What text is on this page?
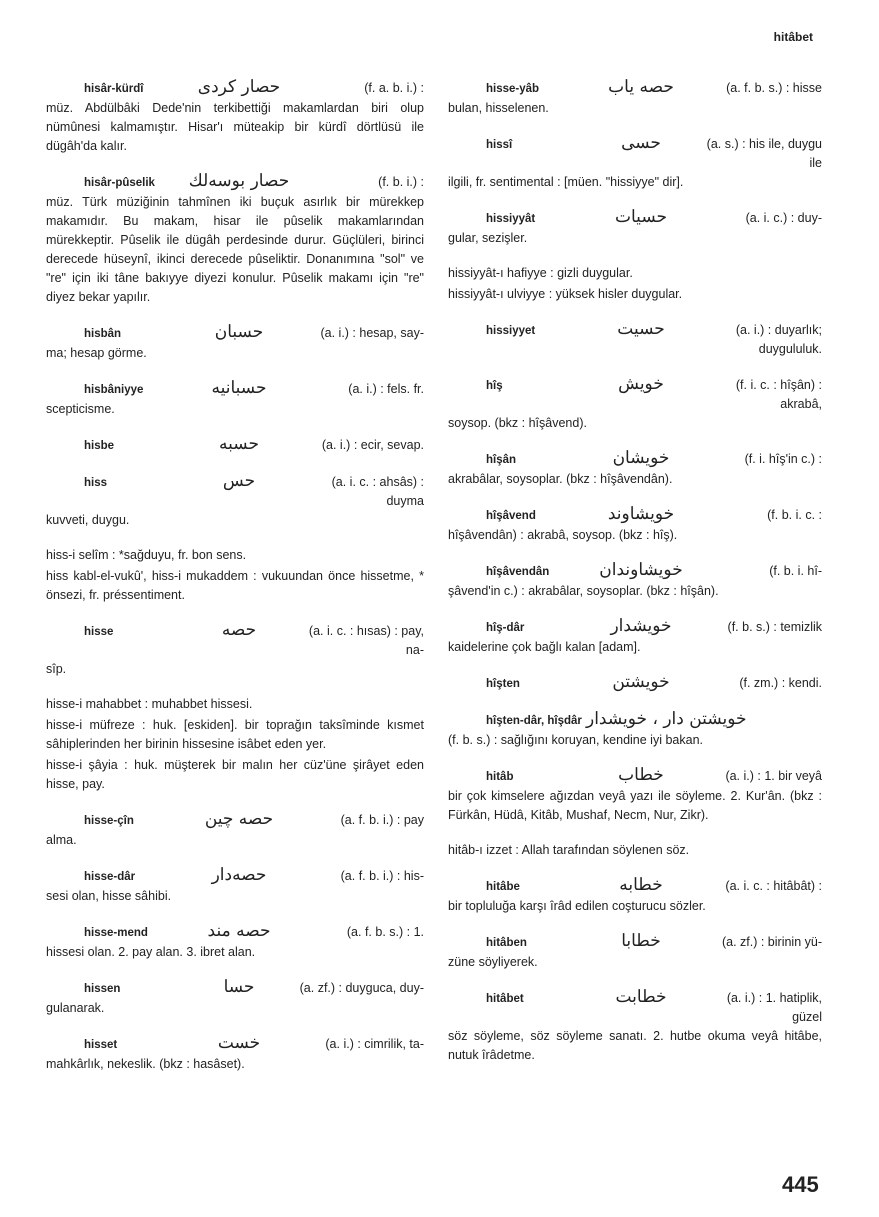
hitâbet
hisâr-kürdî	حصار کردی	(f. a. b. i.) :
müz. Abdülbâki Dede'nin terkibettiği makamlardan biri olup nümûnesi kalmamıştır. Hisar'ı müteakip bir kürdî dörtlüsü ile dügâh'da kalır.
hisâr-pûselik	حصار بوسه‌لك	(f. b. i.) :
müz. Türk müziğinin tahmînen iki buçuk asırlık bir mürekkep makamıdır. Bu makam, hisar ile pûselik makamlarından mürekkeptir. Pûselik ile dügâh perdesinde durur. Güçlüleri, birinci derecede hüseynî, ikinci derecede pûseliktir. Donanımına "sol" ve "re" için iki tâne bakıyye diyezi konulur. Pûselik makamı için "re" diyez bekar yapılır.
hisbân	حسبان	(a. i.) : hesap, say-
ma; hesap görme.
hisbâniyye	حسبانیه	(a. i.) : fels. fr.
scepticisme.
hisbe	حسبه	(a. i.) : ecir, sevap.
hiss	حس	(a. i. c. : ahsâs) : duyma
kuvveti, duygu.
hiss-i selîm : *sağduyu, fr. bon sens.
hiss kabl-el-vukû', hiss-i mukaddem : vukuundan önce hissetme, * önsezi, fr. préssentiment.
hisse	حصه	(a. i. c. : hısas) : pay, na-
sîp.
hisse-i mahabbet : muhabbet hissesi.
hisse-i müfreze : huk. [eskiden]. bir toprağın taksîminde kısmet sâhiplerinden her birinin hissesine isâbet eden yer.
hisse-i şâyia : huk. müşterek bir malın her cüz'üne şirâyet eden hisse, pay.
hisse-çîn	حصه چین	(a. f. b. i.) : pay
alma.
hisse-dâr	حصه‌دار	(a. f. b. i.) : his-
sesi olan, hisse sâhibi.
hisse-mend	حصه مند	(a. f. b. s.) : 1.
hissesi olan. 2. pay alan. 3. ibret alan.
hissen	حسا	(a. zf.) : duyguca, duy-
gulanarak.
hisset	خست	(a. i.) : cimrilik, ta-
mahkârlık, nekeslik. (bkz : hasâset).
hisse-yâb	حصه یاب	(a. f. b. s.) : hisse
bulan, hisselenen.
hissî	حسی	(a. s.) : his ile, duygu ile
ilgili, fr. sentimental : [müen. "hissiyye" dir].
hissiyyât	حسیات	(a. i. c.) : duy-
gular, sezişler.
hissiyyât-ı hafiyye : gizli duygular.
hissiyyât-ı ulviyye : yüksek hisler duygular.
hissiyyet	حسیت	(a. i.) : duyarlık; duygululuk.
hîş	خویش	(f. i. c. : hîşân) : akrabâ,
soysop. (bkz : hîşâvend).
hîşân	خویشان	(f. i. hîş'in c.) :
akrabâlar, soysoplar. (bkz : hîşâvendân).
hîşâvend	خویشاوند	(f. b. i. c. :
hîşâvendân) : akrabâ, soysop. (bkz : hîş).
hîşâvendân	خویشاوندان	(f. b. i. hî-
şâvend'in c.) : akrabâlar, soysoplar. (bkz : hîşân).
hîş-dâr	خویشدار	(f. b. s.) : temizlik
kaidelerine çok bağlı kalan [adam].
hîşten	خویشتن	(f. zm.) : kendi.
hîşten-dâr, hîşdâr خویشتن دار ، خویشدار
(f. b. s.) : sağlığını koruyan, kendine iyi bakan.
hitâb	خطاب	(a. i.) : 1. bir veyâ
bir çok kimselere ağızdan veyâ yazı ile söyleme. 2. Kur'ân. (bkz : Fürkân, Hüdâ, Kitâb, Mushaf, Necm, Nur, Zikr).
hitâb-ı izzet : Allah tarafından söylenen söz.
hitâbe	خطابه	(a. i. c. : hitâbât) :
bir topluluğa karşı îrâd edilen coşturucu sözler.
hitâben	خطابا	(a. zf.) : birinin yü-
züne söyliyerek.
hitâbet	خطابت	(a. i.) : 1. hatiplik, güzel
söz söyleme, söz söyleme sanatı. 2. hutbe okuma veyâ hitâbe, nutuk îrâdetme.
445
